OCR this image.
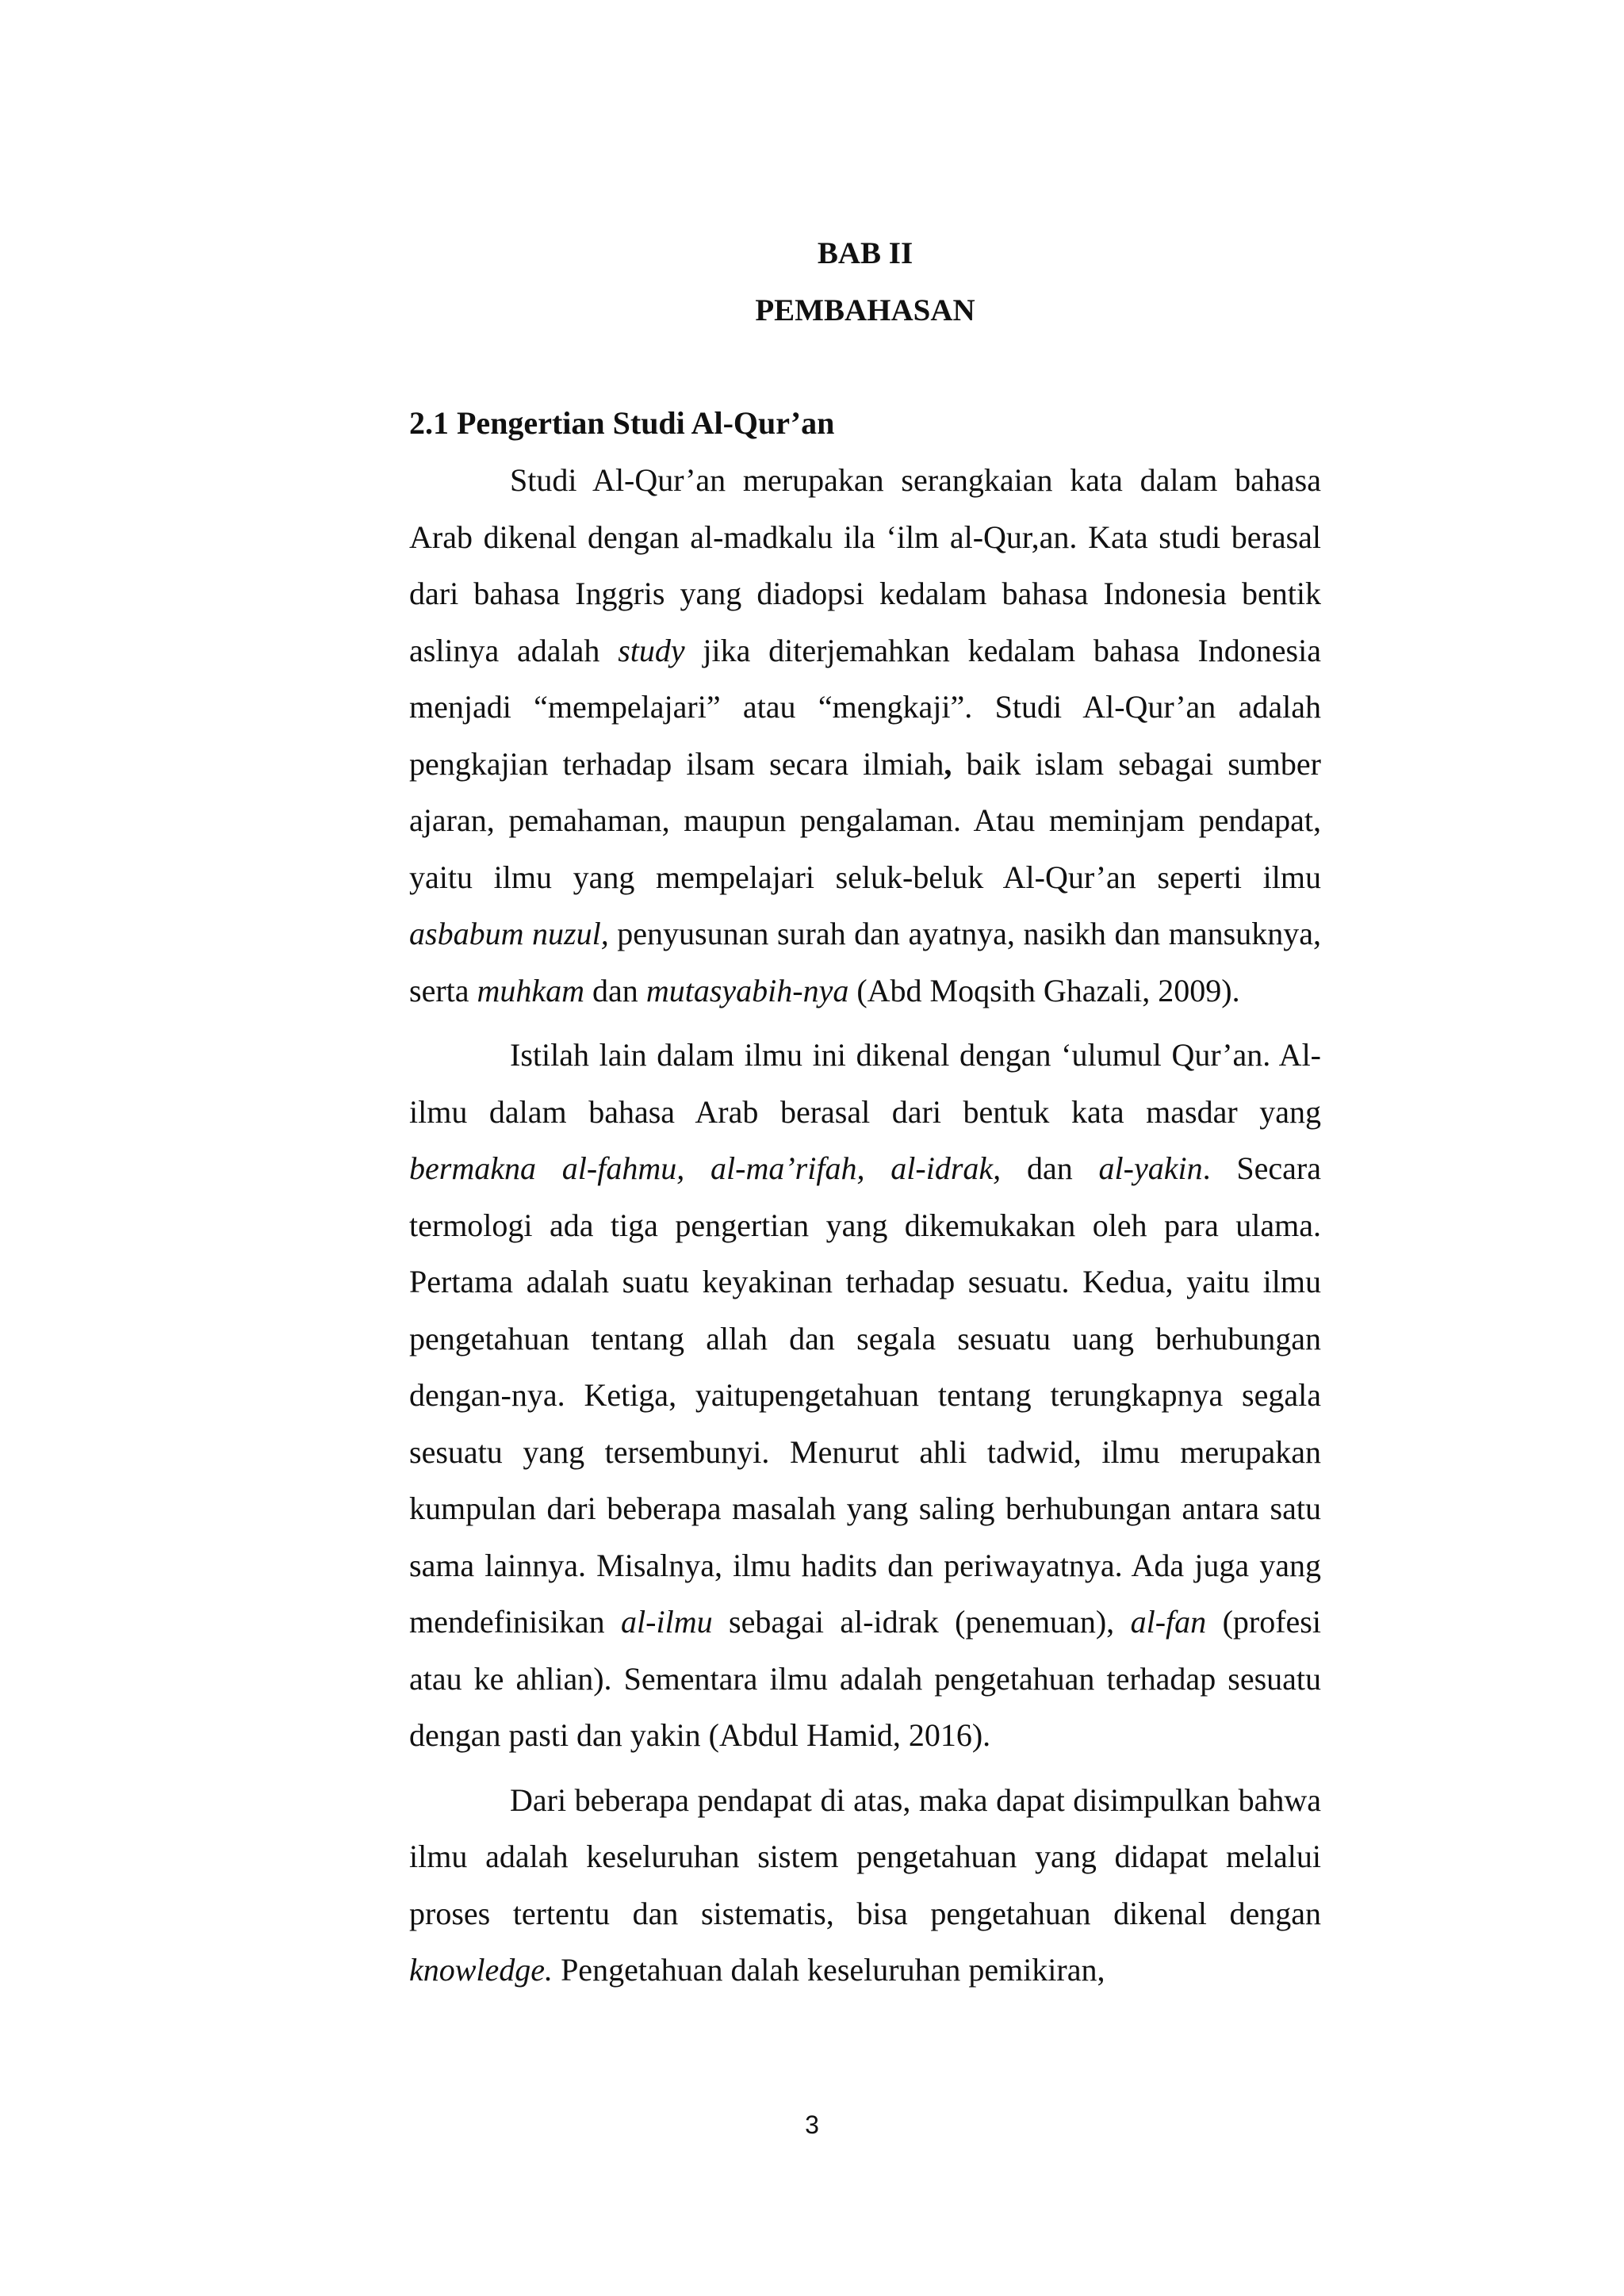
BAB II
PEMBAHASAN
2.1 Pengertian Studi Al-Qur’an

Studi Al-Qur’an merupakan serangkaian kata dalam bahasa Arab dikenal dengan al-madkalu ila ‘ilm al-Qur,an. Kata studi berasal dari bahasa Inggris yang diadopsi kedalam bahasa Indonesia bentik aslinya adalah study jika diterjemahkan kedalam bahasa Indonesia menjadi “mempelajari” atau “mengkaji”. Studi Al-Qur’an adalah pengkajian terhadap ilsam secara ilmiah, baik islam sebagai sumber ajaran, pemahaman, maupun pengalaman. Atau meminjam pendapat, yaitu ilmu yang mempelajari seluk-beluk Al-Qur’an seperti ilmu asbabum nuzul, penyusunan surah dan ayatnya, nasikh dan mansuknya, serta muhkam dan mutasyabih-nya (Abd Moqsith Ghazali, 2009).

Istilah lain dalam ilmu ini dikenal dengan ‘ulumul Qur’an. Al-ilmu dalam bahasa Arab berasal dari bentuk kata masdar yang bermakna al-fahmu, al-ma’rifah, al-idrak, dan al-yakin. Secara termologi ada tiga pengertian yang dikemukakan oleh para ulama. Pertama adalah suatu keyakinan terhadap sesuatu. Kedua, yaitu ilmu pengetahuan tentang allah dan segala sesuatu uang berhubungan dengan-nya. Ketiga, yaitupengetahuan tentang terungkapnya segala sesuatu yang tersembunyi. Menurut ahli tadwid, ilmu merupakan kumpulan dari beberapa masalah yang saling berhubungan antara satu sama lainnya. Misalnya, ilmu hadits dan periwayatnya. Ada juga yang mendefinisikan al-ilmu sebagai al-idrak (penemuan), al-fan (profesi atau ke ahlian). Sementara ilmu adalah pengetahuan terhadap sesuatu dengan pasti dan yakin (Abdul Hamid, 2016).

Dari beberapa pendapat di atas, maka dapat disimpulkan bahwa ilmu adalah keseluruhan sistem pengetahuan yang didapat melalui proses tertentu dan sistematis, bisa pengetahuan dikenal dengan knowledge. Pengetahuan dalah keseluruhan pemikiran,

3
